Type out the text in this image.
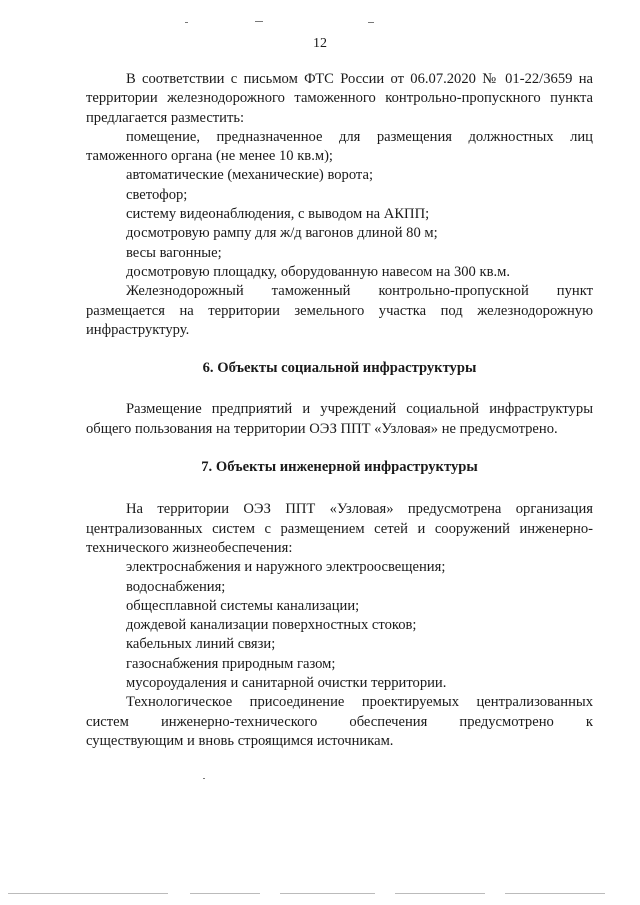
12
В соответствии с письмом ФТС России от 06.07.2020 № 01-22/3659 на
территории железнодорожного таможенного контрольно-пропускного пункта
предлагается разместить:
помещение, предназначенное для размещения должностных лиц
таможенного органа (не менее 10 кв.м);
автоматические (механические) ворота;
светофор;
систему видеонаблюдения, с выводом на АКПП;
досмотровую рампу для ж/д вагонов длиной 80 м;
весы вагонные;
досмотровую площадку, оборудованную навесом на 300 кв.м.
Железнодорожный таможенный контрольно-пропускной пункт
размещается на территории земельного участка под железнодорожную
инфраструктуру.
6. Объекты социальной инфраструктуры
Размещение предприятий и учреждений социальной инфраструктуры
общего пользования на территории ОЭЗ ППТ «Узловая» не предусмотрено.
7. Объекты инженерной инфраструктуры
На территории ОЭЗ ППТ «Узловая» предусмотрена организация
централизованных систем с размещением сетей и сооружений инженерно-
технического жизнеобеспечения:
электроснабжения и наружного электроосвещения;
водоснабжения;
общесплавной системы канализации;
дождевой канализации поверхностных стоков;
кабельных линий связи;
газоснабжения природным газом;
мусороудаления и санитарной очистки территории.
Технологическое присоединение проектируемых централизованных
систем инженерно-технического обеспечения предусмотрено к
существующим и вновь строящимся источникам.
